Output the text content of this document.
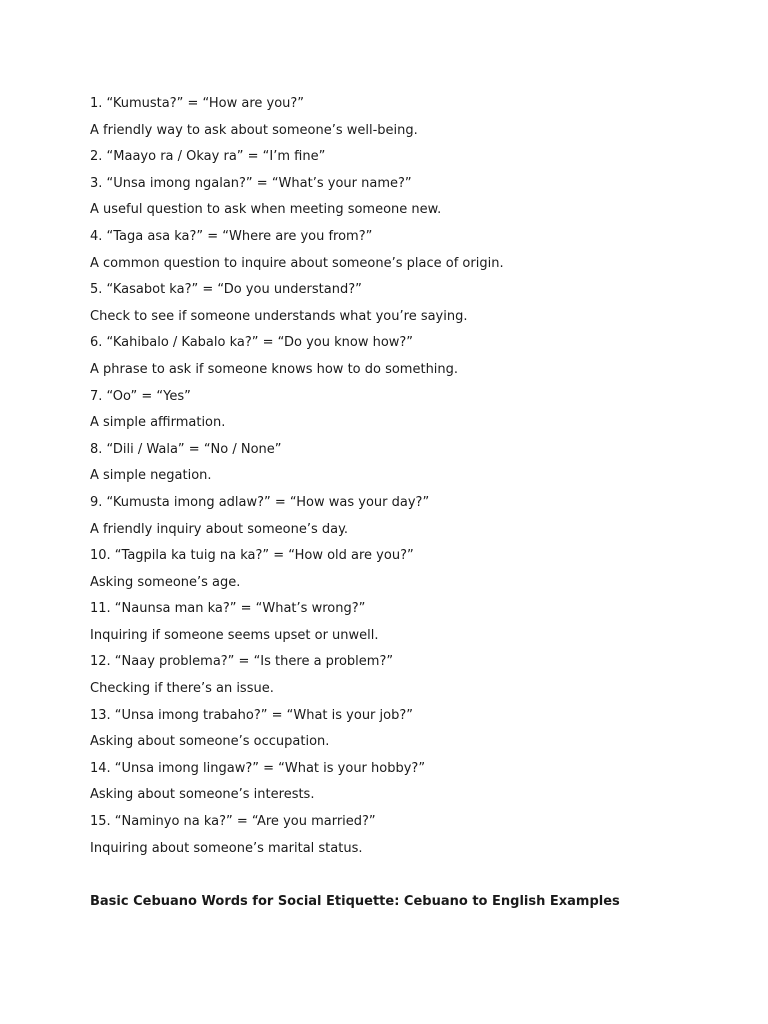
1. “Kumusta?” = “How are you?”
A friendly way to ask about someone’s well-being.
2. “Maayo ra / Okay ra” = “I’m fine”
3. “Unsa imong ngalan?” = “What’s your name?”
A useful question to ask when meeting someone new.
4. “Taga asa ka?” = “Where are you from?”
A common question to inquire about someone’s place of origin.
5. “Kasabot ka?” = “Do you understand?”
Check to see if someone understands what you’re saying.
6. “Kahibalo / Kabalo ka?” = “Do you know how?”
A phrase to ask if someone knows how to do something.
7. “Oo” = “Yes”
A simple affirmation.
8. “Dili / Wala” = “No / None”
A simple negation.
9. “Kumusta imong adlaw?” = “How was your day?”
A friendly inquiry about someone’s day.
10. “Tagpila ka tuig na ka?” = “How old are you?”
Asking someone’s age.
11. “Naunsa man ka?” = “What’s wrong?”
Inquiring if someone seems upset or unwell.
12. “Naay problema?” = “Is there a problem?”
Checking if there’s an issue.
13. “Unsa imong trabaho?” = “What is your job?”
Asking about someone’s occupation.
14. “Unsa imong lingaw?” = “What is your hobby?”
Asking about someone’s interests.
15. “Naminyo na ka?” = “Are you married?”
Inquiring about someone’s marital status.
Basic Cebuano Words for Social Etiquette: Cebuano to English Examples
